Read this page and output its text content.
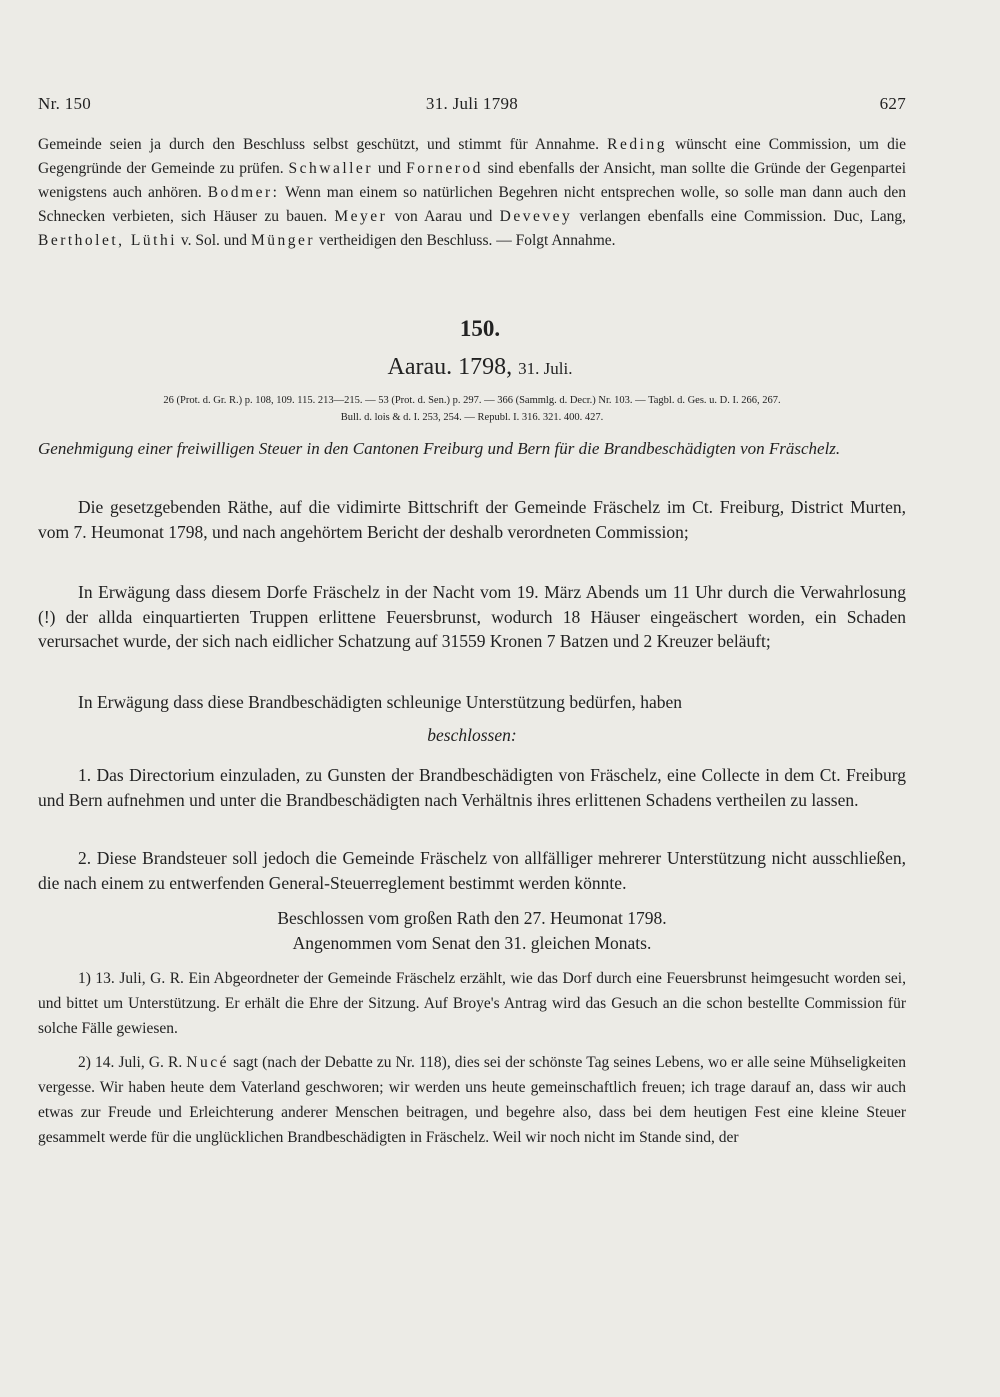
Nr. 150	31. Juli 1798	627
Gemeinde seien ja durch den Beschluss selbst geschützt, und stimmt für Annahme. Reding wünscht eine Commission, um die Gegengründe der Gemeinde zu prüfen. Schwaller und Fornerod sind ebenfalls der Ansicht, man sollte die Gründe der Gegenpartei wenigstens auch anhören. Bodmer: Wenn man einem so natürlichen Begehren nicht entsprechen wolle, so solle man dann auch den Schnecken verbieten, sich Häuser zu bauen. Meyer von Aarau und Devevey verlangen ebenfalls eine Commission. Duc, Lang, Bertholet, Lüthi v. Sol. und Münger vertheidigen den Beschluss. — Folgt Annahme.
150.
Aarau. 1798, 31. Juli.
26 (Prot. d. Gr. R.) p. 108, 109. 115. 213—215. — 53 (Prot. d. Sen.) p. 297. — 366 (Sammlg. d. Decr.) Nr. 103. — Tagbl. d. Ges. u. D. I. 266, 267.
Bull. d. lois & d. I. 253, 254. — Republ. I. 316. 321. 400. 427.
Genehmigung einer freiwilligen Steuer in den Cantonen Freiburg und Bern für die Brandbeschädigten von Fräschelz.

Die gesetzgebenden Räthe, auf die vidimirte Bittschrift der Gemeinde Fräschelz im Ct. Freiburg, District Murten, vom 7. Heumonat 1798, und nach angehörtem Bericht der deshalb verordneten Commission;

In Erwägung dass diesem Dorfe Fräschelz in der Nacht vom 19. März Abends um 11 Uhr durch die Verwahrlosung (!) der allda einquartierten Truppen erlittene Feuersbrunst, wodurch 18 Häuser eingeäschert worden, ein Schaden verursachet wurde, der sich nach eidlicher Schatzung auf 31559 Kronen 7 Batzen und 2 Kreuzer beläuft;

In Erwägung dass diese Brandbeschädigten schleunige Unterstützung bedürfen, haben

beschlossen:

1. Das Directorium einzuladen, zu Gunsten der Brandbeschädigten von Fräschelz, eine Collecte in dem Ct. Freiburg und Bern aufnehmen und unter die Brandbeschädigten nach Verhältnis ihres erlittenen Schadens vertheilen zu lassen.

2. Diese Brandsteuer soll jedoch die Gemeinde Fräschelz von allfälliger mehrerer Unterstützung nicht ausschließen, die nach einem zu entwerfenden General-Steuerreglement bestimmt werden könnte.

Beschlossen vom großen Rath den 27. Heumonat 1798.

Angenommen vom Senat den 31. gleichen Monats.

1) 13. Juli, G. R. Ein Abgeordneter der Gemeinde Fräschelz erzählt, wie das Dorf durch eine Feuersbrunst heimgesucht worden sei, und bittet um Unterstützung. Er erhält die Ehre der Sitzung. Auf Broye's Antrag wird das Gesuch an die schon bestellte Commission für solche Fälle gewiesen.

2) 14. Juli, G. R. Nucé sagt (nach der Debatte zu Nr. 118), dies sei der schönste Tag seines Lebens, wo er alle seine Mühseligkeiten vergesse. Wir haben heute dem Vaterland geschworen; wir werden uns heute gemeinschaftlich freuen; ich trage darauf an, dass wir auch etwas zur Freude und Erleichterung anderer Menschen beitragen, und begehre also, dass bei dem heutigen Fest eine kleine Steuer gesammelt werde für die unglücklichen Brandbeschädigten in Fräschelz. Weil wir noch nicht im Stande sind, der
